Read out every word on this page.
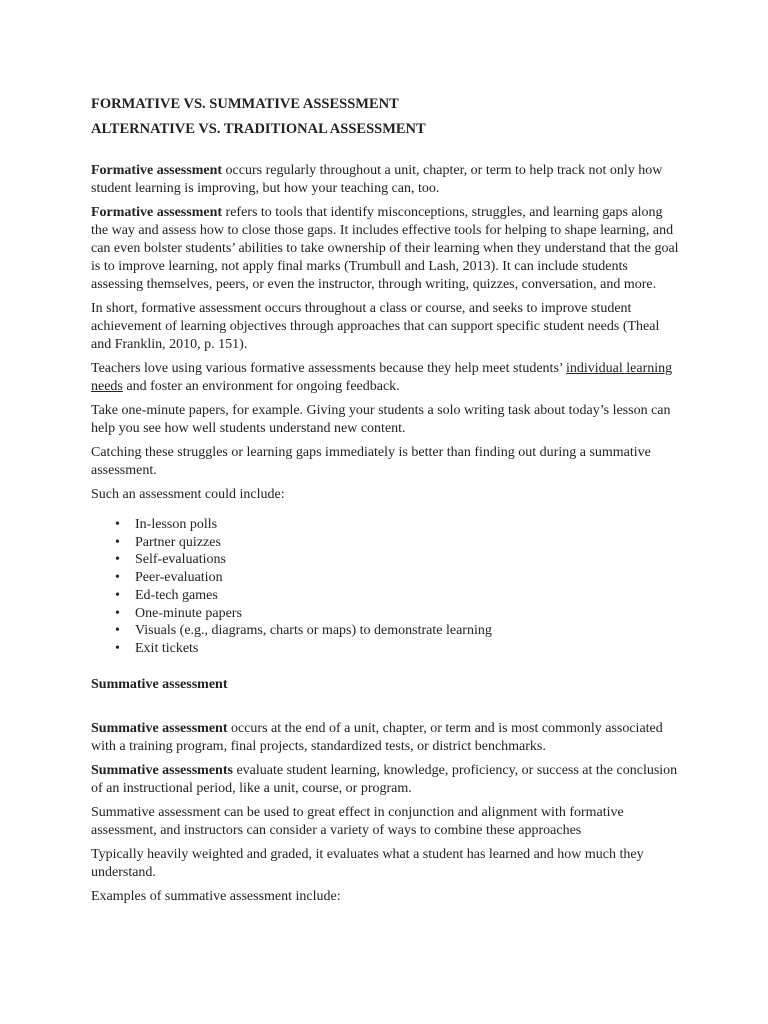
FORMATIVE VS. SUMMATIVE ASSESSMENT
ALTERNATIVE VS. TRADITIONAL ASSESSMENT

Formative assessment occurs regularly throughout a unit, chapter, or term to help track not only how student learning is improving, but how your teaching can, too.

Formative assessment refers to tools that identify misconceptions, struggles, and learning gaps along the way and assess how to close those gaps. It includes effective tools for helping to shape learning, and can even bolster students’ abilities to take ownership of their learning when they understand that the goal is to improve learning, not apply final marks (Trumbull and Lash, 2013). It can include students assessing themselves, peers, or even the instructor, through writing, quizzes, conversation, and more.

In short, formative assessment occurs throughout a class or course, and seeks to improve student achievement of learning objectives through approaches that can support specific student needs (Theal and Franklin, 2010, p. 151).

Teachers love using various formative assessments because they help meet students’ individual learning needs and foster an environment for ongoing feedback.

Take one-minute papers, for example. Giving your students a solo writing task about today’s lesson can help you see how well students understand new content.

Catching these struggles or learning gaps immediately is better than finding out during a summative assessment.

Such an assessment could include:

• In-lesson polls
• Partner quizzes
• Self-evaluations
• Peer-evaluation
• Ed-tech games
• One-minute papers
• Visuals (e.g., diagrams, charts or maps) to demonstrate learning
• Exit tickets
Summative assessment

Summative assessment occurs at the end of a unit, chapter, or term and is most commonly associated with a training program, final projects, standardized tests, or district benchmarks.

Summative assessments evaluate student learning, knowledge, proficiency, or success at the conclusion of an instructional period, like a unit, course, or program.

Summative assessment can be used to great effect in conjunction and alignment with formative assessment, and instructors can consider a variety of ways to combine these approaches

Typically heavily weighted and graded, it evaluates what a student has learned and how much they understand.

Examples of summative assessment include:
